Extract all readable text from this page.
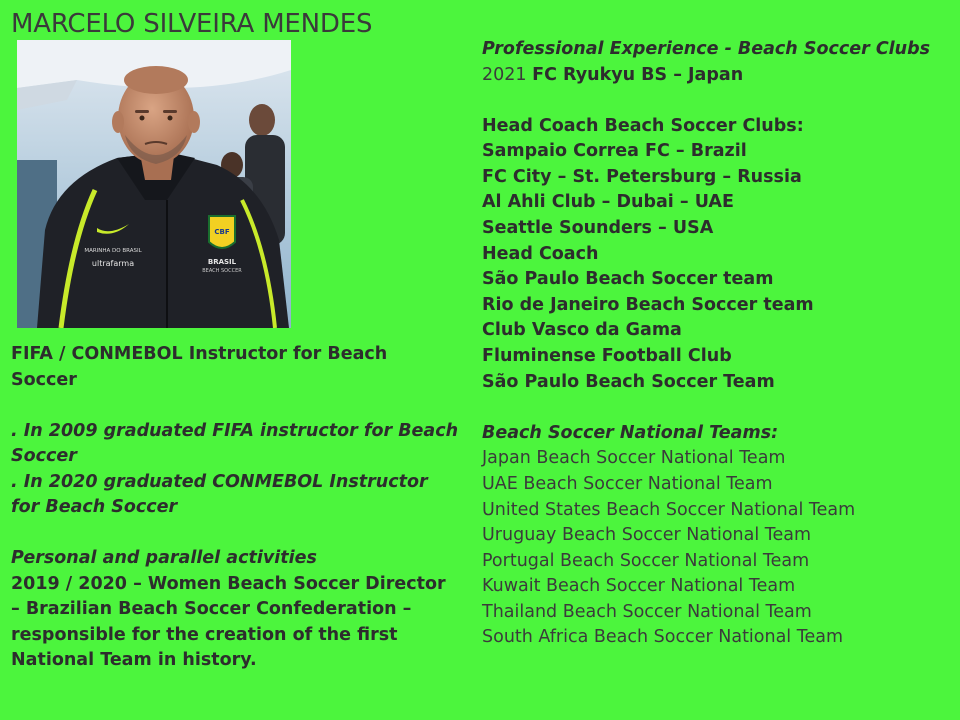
MARCELO SILVEIRA MENDES
CBF
BRASIL
BEACH SOCCER
MARINHA DO BRASIL
ultrafarma
FIFA / CONMEBOL Instructor for Beach
Soccer
. In 2009 graduated FIFA instructor for Beach
Soccer
. In 2020 graduated CONMEBOL Instructor
for Beach Soccer
Personal and parallel activities
2019 / 2020 – Women Beach Soccer Director
– Brazilian Beach Soccer Confederation –
responsible for the creation of the first
National Team in history.
Professional Experience - Beach Soccer Clubs
2021 FC Ryukyu BS – Japan
Head Coach Beach Soccer Clubs:
Sampaio Correa FC – Brazil
FC City – St. Petersburg – Russia
Al Ahli Club – Dubai – UAE
Seattle Sounders – USA
Head Coach
São Paulo Beach Soccer team
Rio de Janeiro Beach Soccer team
Club Vasco da Gama
Fluminense Football Club
São Paulo Beach Soccer Team
Beach Soccer National Teams:
Japan Beach Soccer National Team
UAE Beach Soccer National Team
United States Beach Soccer National Team
Uruguay Beach Soccer National Team
Portugal Beach Soccer National Team
Kuwait Beach Soccer National Team
Thailand Beach Soccer National Team
South Africa Beach Soccer National Team
